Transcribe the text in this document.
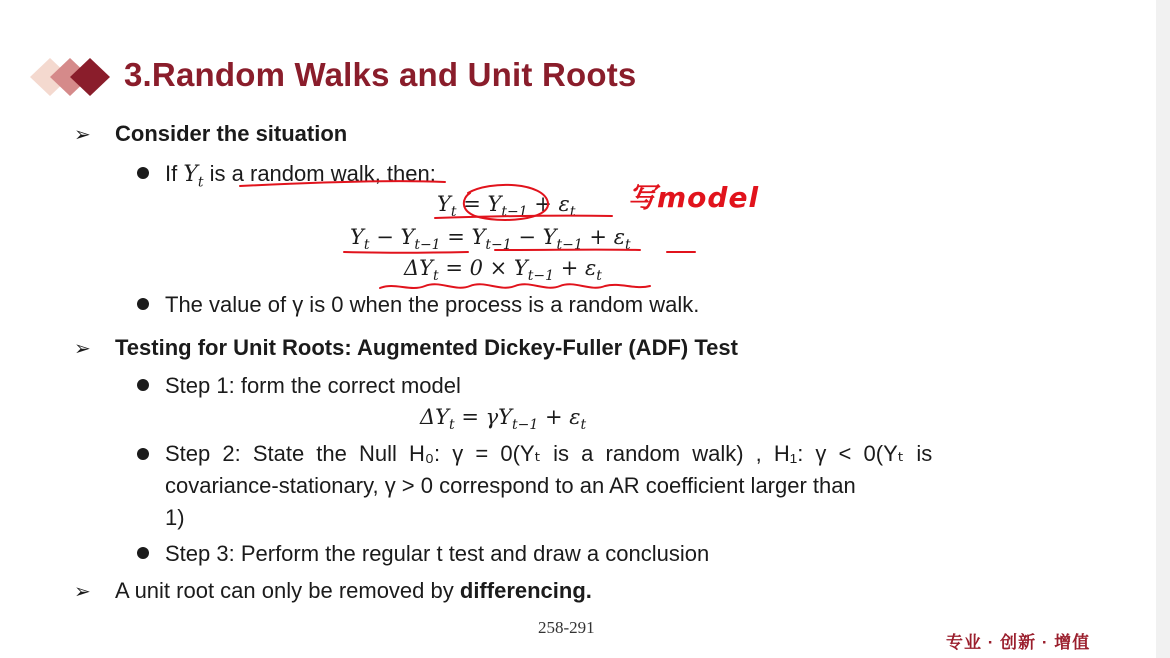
3.Random Walks and Unit Roots
➢ Consider the situation
If $Y_t$ is a random walk, then:
$Y_t = Y_{t-1} + \varepsilon_t$
$Y_t - Y_{t-1} = Y_{t-1} - Y_{t-1} + \varepsilon_t$
$\Delta Y_t = 0 \times Y_{t-1} + \varepsilon_t$
The value of γ is 0 when the process is a random walk.
➢ Testing for Unit Roots: Augmented Dickey-Fuller (ADF) Test
Step 1: form the correct model
$\Delta Y_t = \gamma Y_{t-1} + \varepsilon_t$
Step 2: State the Null H₀: γ = 0(Yₜ is a random walk) , H₁: γ < 0(Yₜ is
covariance-stationary, γ > 0 correspond to an AR coefficient larger than
1)
Step 3: Perform the regular t test and draw a conclusion
➢ A unit root can only be removed by differencing.
258-291
专业 · 创新 · 增值
写model
